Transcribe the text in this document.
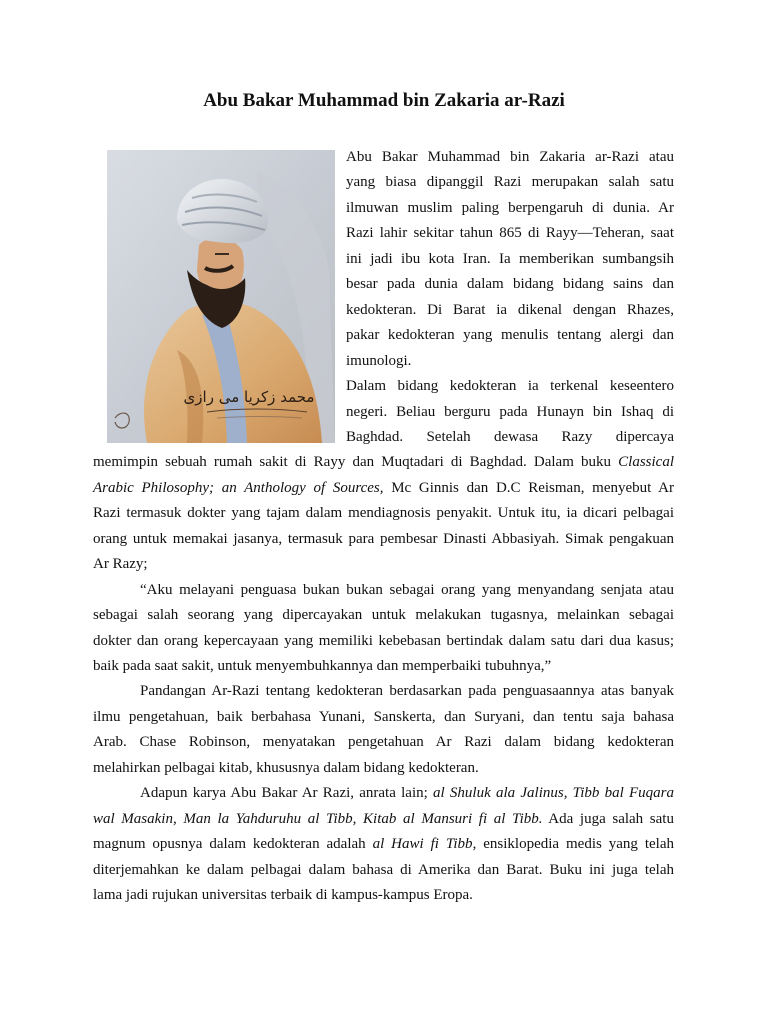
Abu Bakar Muhammad bin Zakaria ar-Razi
محمد زکریا می رازی
Abu Bakar Muhammad bin Zakaria ar-Razi atau
yang biasa dipanggil Razi merupakan salah satu
ilmuwan muslim paling berpengaruh di dunia. Ar
Razi lahir sekitar tahun 865 di Rayy—Teheran, saat
ini jadi ibu kota Iran. Ia memberikan sumbangsih
besar pada dunia dalam bidang bidang sains dan
kedokteran. Di Barat ia dikenal dengan Rhazes,
pakar kedokteran yang menulis tentang alergi dan
imunologi.
Dalam bidang kedokteran ia terkenal keseentero
negeri. Beliau berguru pada Hunayn bin Ishaq di
Baghdad. Setelah dewasa Razy dipercaya
memimpin sebuah rumah sakit di Rayy dan Muqtadari di Baghdad. Dalam buku Classical
Arabic Philosophy; an Anthology of Sources, Mc Ginnis dan D.C Reisman, menyebut Ar
Razi termasuk dokter yang tajam dalam mendiagnosis penyakit. Untuk itu, ia dicari pelbagai
orang untuk memakai jasanya, termasuk para pembesar Dinasti Abbasiyah. Simak pengakuan
Ar Razy;
“Aku melayani penguasa bukan bukan sebagai orang yang menyandang senjata atau
sebagai salah seorang yang dipercayakan untuk melakukan tugasnya, melainkan sebagai
dokter dan orang kepercayaan yang memiliki kebebasan bertindak dalam satu dari dua kasus;
baik pada saat sakit, untuk menyembuhkannya dan memperbaiki tubuhnya,”
Pandangan Ar-Razi tentang kedokteran berdasarkan pada penguasaannya atas banyak
ilmu pengetahuan, baik berbahasa Yunani, Sanskerta, dan Suryani, dan tentu saja bahasa
Arab. Chase Robinson, menyatakan pengetahuan Ar Razi dalam bidang kedokteran
melahirkan pelbagai kitab, khususnya dalam bidang kedokteran.
Adapun karya Abu Bakar Ar Razi, anrata lain; al Shuluk ala Jalinus, Tibb bal Fuqara
wal Masakin, Man la Yahduruhu al Tibb, Kitab al Mansuri fi al Tibb. Ada juga salah satu
magnum opusnya dalam kedokteran adalah al Hawi fi Tibb, ensiklopedia medis yang telah
diterjemahkan ke dalam pelbagai dalam bahasa di Amerika dan Barat. Buku ini juga telah
lama jadi rujukan universitas terbaik di kampus-kampus Eropa.
